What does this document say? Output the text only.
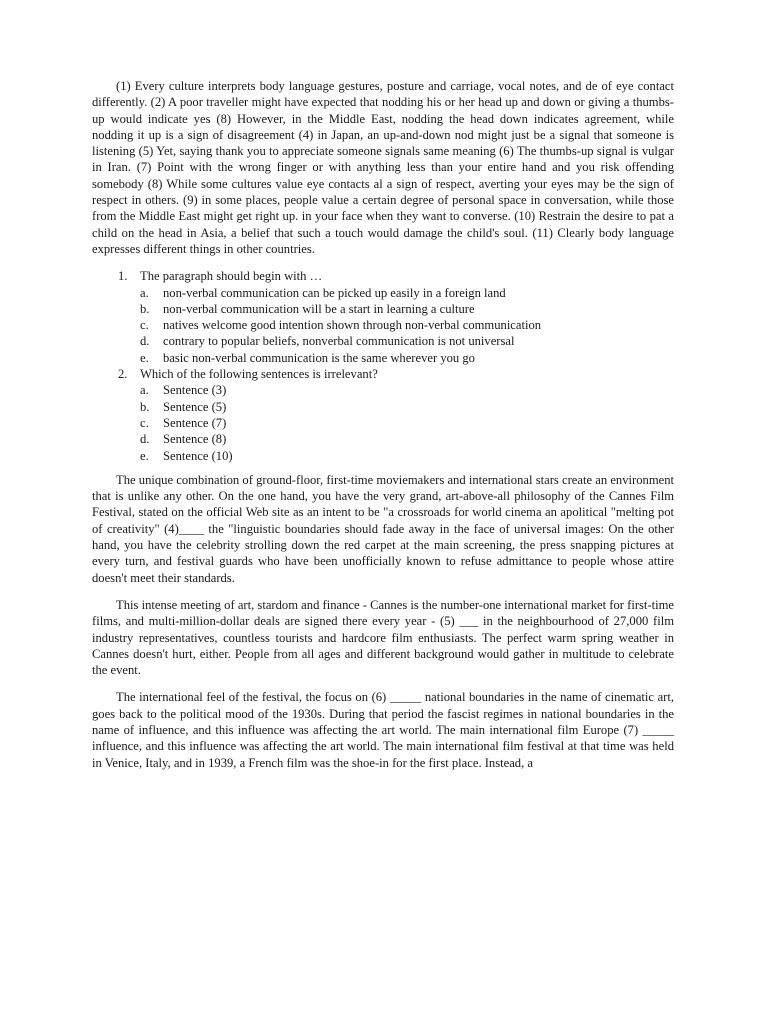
(1) Every culture interprets body language gestures, posture and carriage, vocal notes, and de of eye contact differently. (2) A poor traveller might have expected that nodding his or her head up and down or giving a thumbs-up would indicate yes (8) However, in the Middle East, nodding the head down indicates agreement, while nodding it up is a sign of disagreement (4) in Japan, an up-and-down nod might just be a signal that someone is listening (5) Yet, saying thank you to appreciate someone signals same meaning (6) The thumbs-up signal is vulgar in Iran. (7) Point with the wrong finger or with anything less than your entire hand and you risk offending somebody (8) While some cultures value eye contacts al a sign of respect, averting your eyes may be the sign of respect in others. (9) in some places, people value a certain degree of personal space in conversation, while those from the Middle East might get right up. in your face when they want to converse. (10) Restrain the desire to pat a child on the head in Asia, a belief that such a touch would damage the child's soul. (11) Clearly body language expresses different things in other countries.

1. The paragraph should begin with …
a. non-verbal communication can be picked up easily in a foreign land
b. non-verbal communication will be a start in learning a culture
c. natives welcome good intention shown through non-verbal communication
d. contrary to popular beliefs, nonverbal communication is not universal
e. basic non-verbal communication is the same wherever you go
2. Which of the following sentences is irrelevant?
a. Sentence (3)
b. Sentence (5)
c. Sentence (7)
d. Sentence (8)
e. Sentence (10)

The unique combination of ground-floor, first-time moviemakers and international stars create an environment that is unlike any other. On the one hand, you have the very grand, art-above-all philosophy of the Cannes Film Festival, stated on the official Web site as an intent to be "a crossroads for world cinema an apolitical "melting pot of creativity" (4)____ the "linguistic boundaries should fade away in the face of universal images: On the other hand, you have the celebrity strolling down the red carpet at the main screening, the press snapping pictures at every turn, and festival guards who have been unofficially known to refuse admittance to people whose attire doesn't meet their standards.

This intense meeting of art, stardom and finance - Cannes is the number-one international market for first-time films, and multi-million-dollar deals are signed there every year - (5) ___ in the neighbourhood of 27,000 film industry representatives, countless tourists and hardcore film enthusiasts. The perfect warm spring weather in Cannes doesn't hurt, either. People from all ages and different background would gather in multitude to celebrate the event.

The international feel of the festival, the focus on (6) _____ national boundaries in the name of cinematic art, goes back to the political mood of the 1930s. During that period the fascist regimes in national boundaries in the name of influence, and this influence was affecting the art world. The main international film Europe (7) _____ influence, and this influence was affecting the art world. The main international film festival at that time was held in Venice, Italy, and in 1939, a French film was the shoe-in for the first place. Instead, a
